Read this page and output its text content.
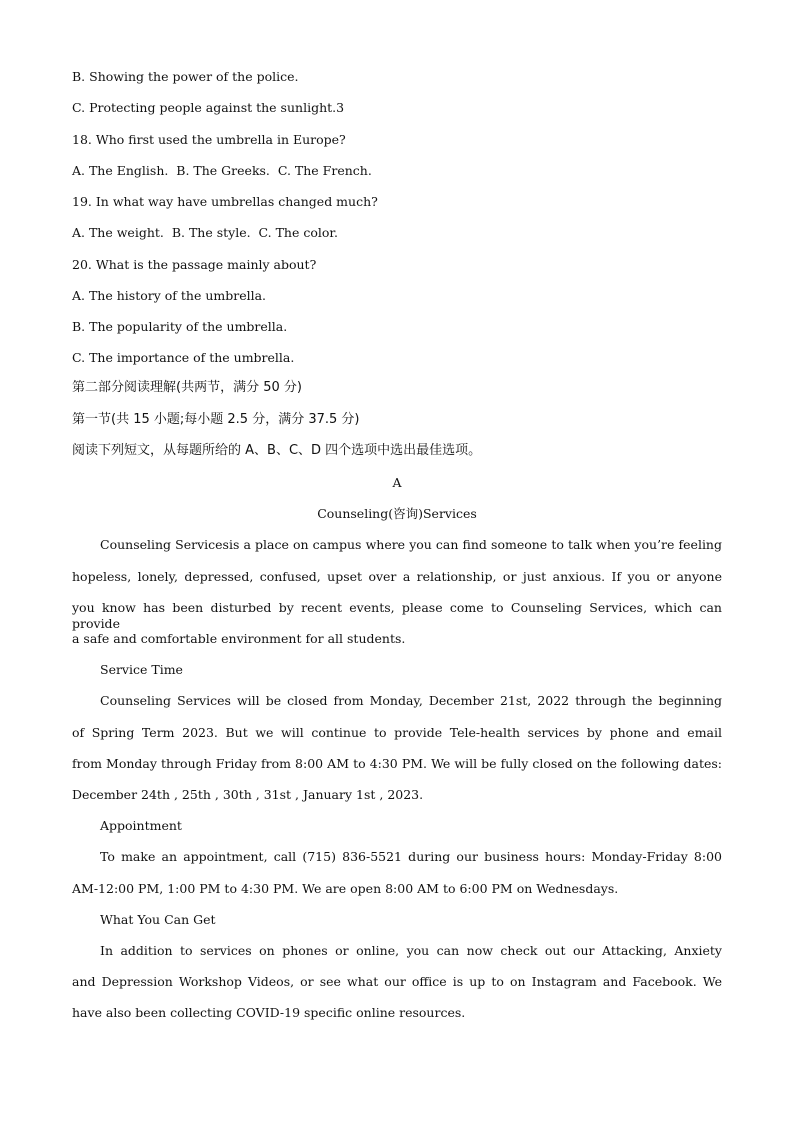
B. Showing the power of the police.
C. Protecting people against the sunlight.3
18. Who first used the umbrella in Europe?
A. The English.  B. The Greeks.  C. The French.
19. In what way have umbrellas changed much?
A. The weight.  B. The style.  C. The color.
20. What is the passage mainly about?
A. The history of the umbrella.
B. The popularity of the umbrella.
C. The importance of the umbrella.
第二部分阅读理解(共两节，满分 50 分)
第一节(共 15 小题;每小题 2.5 分，满分 37.5 分)
阅读下列短文，从每题所给的 A、B、C、D 四个选项中选出最佳选项。
A
Counseling(咨询)Services
Counseling Servicesis a place on campus where you can find someone to talk when you’re feeling
hopeless, lonely, depressed, confused, upset over a relationship, or just anxious. If you or anyone
you know has been disturbed by recent events, please come to Counseling Services, which can provide
a safe and comfortable environment for all students.
Service Time
Counseling Services will be closed from Monday, December 21st, 2022 through the beginning
of Spring Term 2023. But we will continue to provide Tele-health services by phone and email
from Monday through Friday from 8:00 AM to 4:30 PM. We will be fully closed on the following dates:
December 24th , 25th , 30th , 31st , January 1st , 2023.
Appointment
To make an appointment, call (715) 836-5521 during our business hours: Monday-Friday 8:00
AM-12:00 PM, 1:00 PM to 4:30 PM. We are open 8:00 AM to 6:00 PM on Wednesdays.
What You Can Get
In addition to services on phones or online, you can now check out our Attacking, Anxiety
and Depression Workshop Videos, or see what our office is up to on Instagram and Facebook. We
have also been collecting COVID-19 specific online resources.
